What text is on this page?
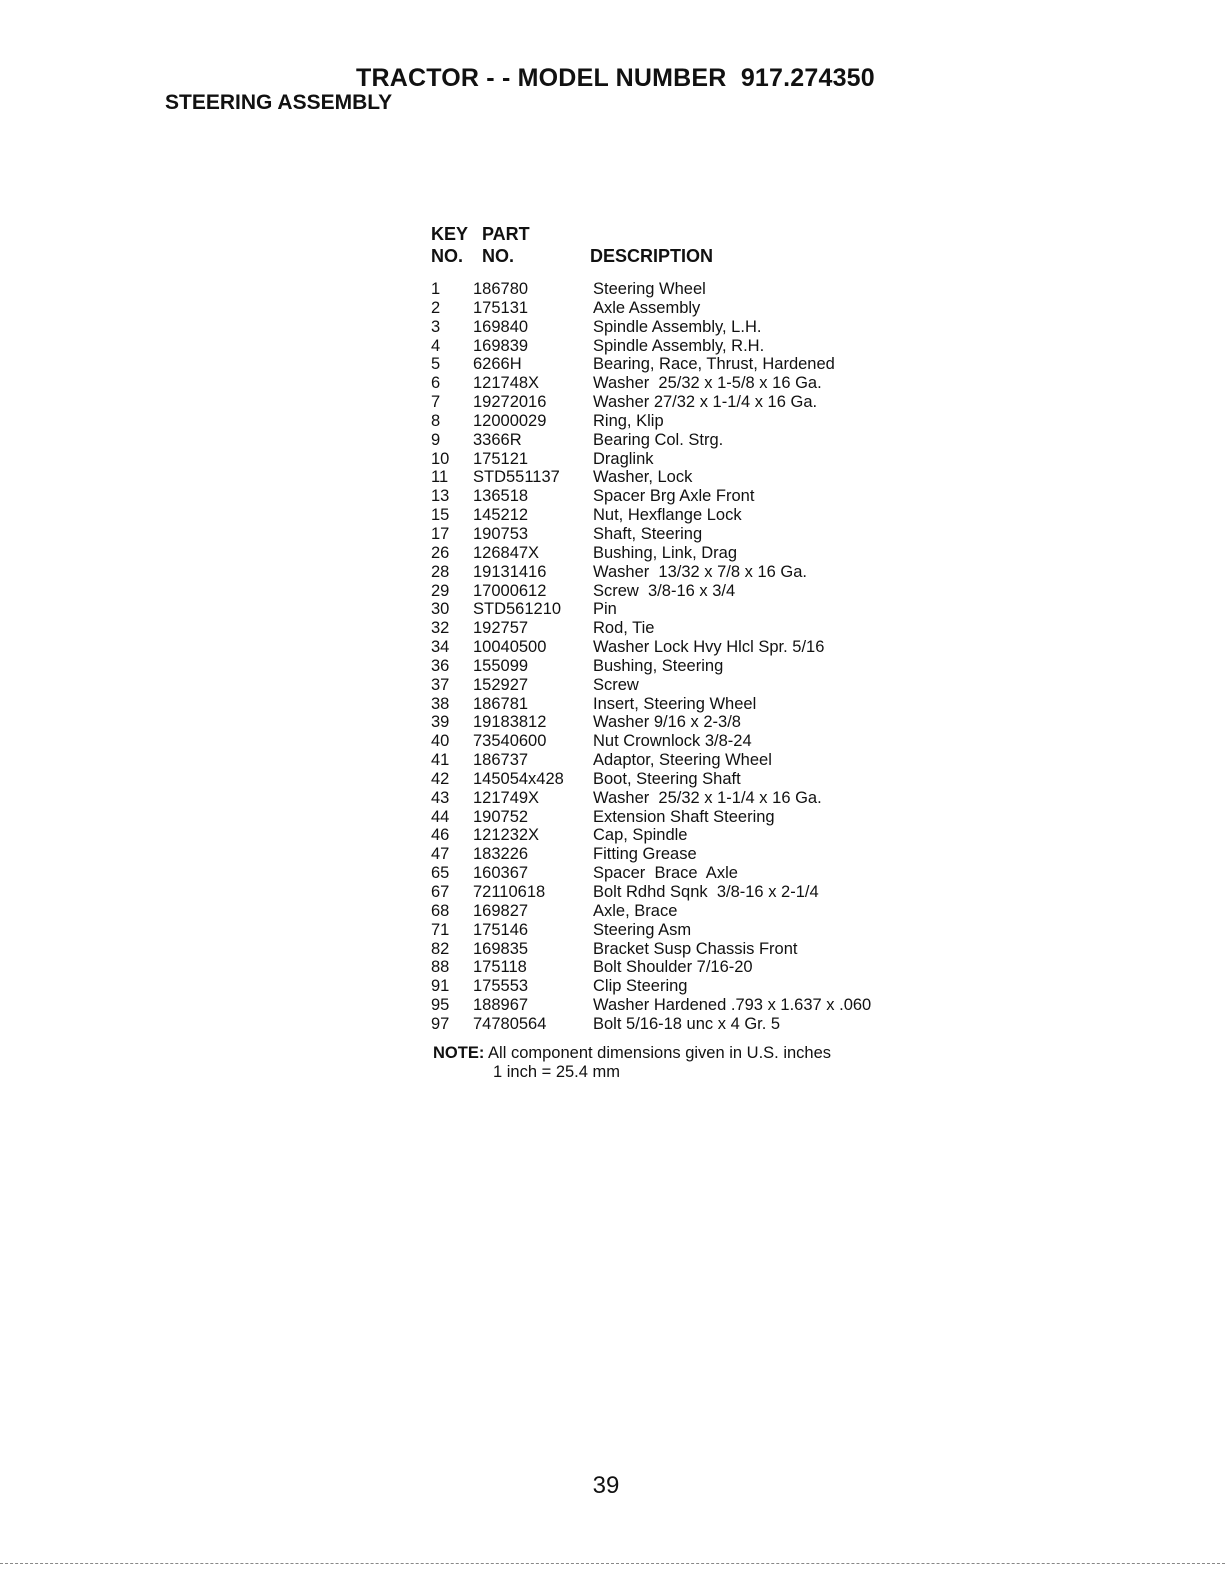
TRACTOR - - MODEL NUMBER  917.274350
STEERING ASSEMBLY
KEY PART
NO. NO.	DESCRIPTION
1	186780	Steering Wheel
2	175131	Axle Assembly
3	169840	Spindle Assembly, L.H.
4	169839	Spindle Assembly, R.H.
5	6266H	Bearing, Race, Thrust, Hardened
6	121748X	Washer  25/32 x 1-5/8 x 16 Ga.
7	19272016	Washer 27/32 x 1-1/4 x 16 Ga.
8	12000029	Ring, Klip
9	3366R	Bearing Col. Strg.
10	175121	Draglink
11	STD551137	Washer, Lock
13	136518	Spacer Brg Axle Front
15	145212	Nut, Hexflange Lock
17	190753	Shaft, Steering
26	126847X	Bushing, Link, Drag
28	19131416	Washer  13/32 x 7/8 x 16 Ga.
29	17000612	Screw  3/8-16 x 3/4
30	STD561210	Pin
32	192757	Rod, Tie
34	10040500	Washer Lock Hvy Hlcl Spr. 5/16
36	155099	Bushing, Steering
37	152927	Screw
38	186781	Insert, Steering Wheel
39	19183812	Washer 9/16 x 2-3/8
40	73540600	Nut Crownlock 3/8-24
41	186737	Adaptor, Steering Wheel
42	145054x428	Boot, Steering Shaft
43	121749X	Washer  25/32 x 1-1/4 x 16 Ga.
44	190752	Extension Shaft Steering
46	121232X	Cap, Spindle
47	183226	Fitting Grease
65	160367	Spacer  Brace  Axle
67	72110618	Bolt Rdhd Sqnk  3/8-16 x 2-1/4
68	169827	Axle, Brace
71	175146	Steering Asm
82	169835	Bracket Susp Chassis Front
88	175118	Bolt Shoulder 7/16-20
91	175553	Clip Steering
95	188967	Washer Hardened .793 x 1.637 x .060
97	74780564	Bolt 5/16-18 unc x 4 Gr. 5
NOTE: All component dimensions given in U.S. inches
1 inch = 25.4 mm
39
